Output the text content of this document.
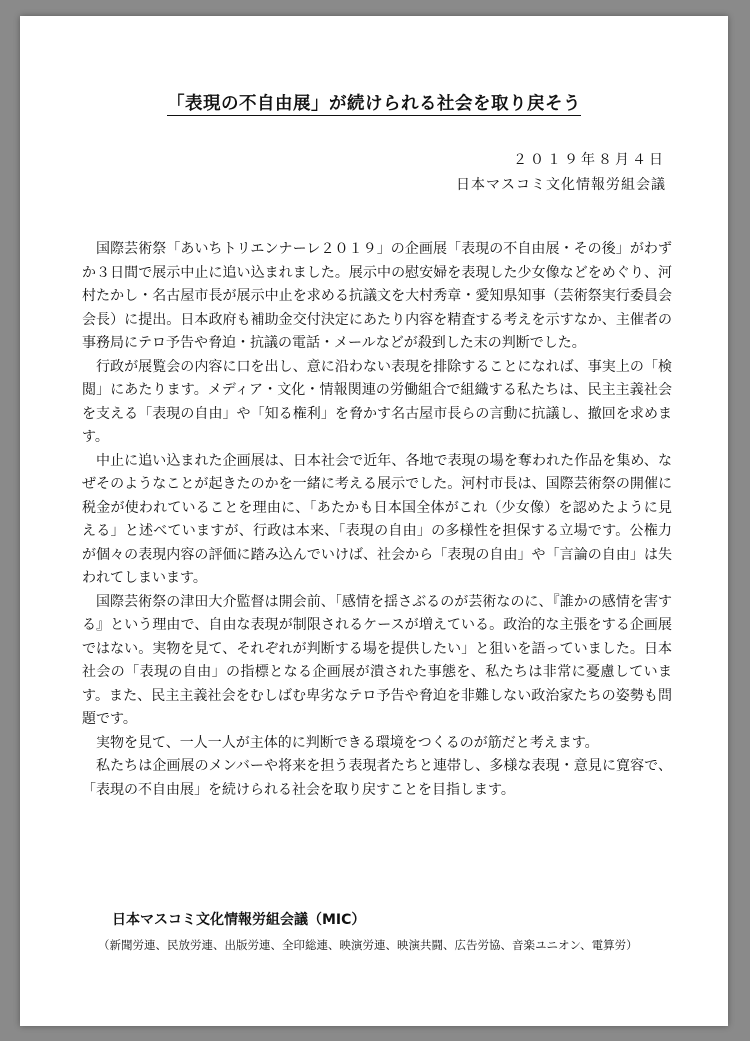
「表現の不自由展」が続けられる社会を取り戻そう
２０１９年８月４日
日本マスコミ文化情報労組会議

国際芸術祭「あいちトリエンナーレ２０１９」の企画展「表現の不自由展・その後」がわずか３日間で展示中止に追い込まれました。展示中の慰安婦を表現した少女像などをめぐり、河村たかし・名古屋市長が展示中止を求める抗議文を大村秀章・愛知県知事（芸術祭実行委員会会長）に提出。日本政府も補助金交付決定にあたり内容を精査する考えを示すなか、主催者の事務局にテロ予告や脅迫・抗議の電話・メールなどが殺到した末の判断でした。

行政が展覧会の内容に口を出し、意に沿わない表現を排除することになれば、事実上の「検閲」にあたります。メディア・文化・情報関連の労働組合で組織する私たちは、民主主義社会を支える「表現の自由」や「知る権利」を脅かす名古屋市長らの言動に抗議し、撤回を求めます。

中止に追い込まれた企画展は、日本社会で近年、各地で表現の場を奪われた作品を集め、なぜそのようなことが起きたのかを一緒に考える展示でした。河村市長は、国際芸術祭の開催に税金が使われていることを理由に、「あたかも日本国全体がこれ（少女像）を認めたように見える」と述べていますが、行政は本来、「表現の自由」の多様性を担保する立場です。公権力が個々の表現内容の評価に踏み込んでいけば、社会から「表現の自由」や「言論の自由」は失われてしまいます。

国際芸術祭の津田大介監督は開会前、「感情を揺さぶるのが芸術なのに、『誰かの感情を害する』という理由で、自由な表現が制限されるケースが増えている。政治的な主張をする企画展ではない。実物を見て、それぞれが判断する場を提供したい」と狙いを語っていました。日本社会の「表現の自由」の指標となる企画展が潰された事態を、私たちは非常に憂慮しています。また、民主主義社会をむしばむ卑劣なテロ予告や脅迫を非難しない政治家たちの姿勢も問題です。

実物を見て、一人一人が主体的に判断できる環境をつくるのが筋だと考えます。

私たちは企画展のメンバーや将来を担う表現者たちと連帯し、多様な表現・意見に寛容で、「表現の不自由展」を続けられる社会を取り戻すことを目指します。

日本マスコミ文化情報労組会議（MIC）
（新聞労連、民放労連、出版労連、全印総連、映演労連、映演共闘、広告労協、音楽ユニオン、電算労）
